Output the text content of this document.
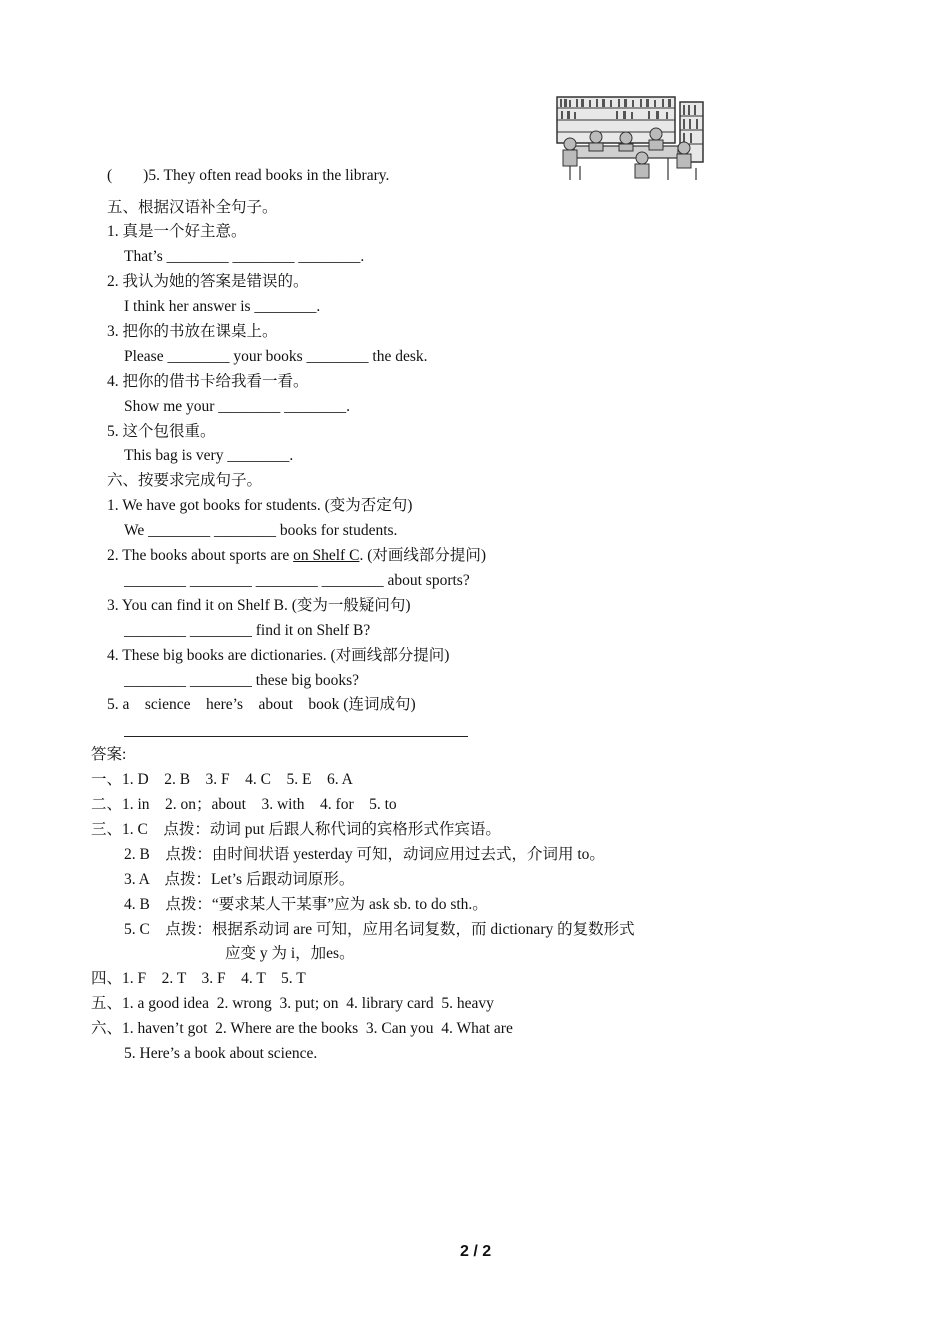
(        )5. They often read books in the library.
五、根据汉语补全句子。
1. 真是一个好主意。
That’s ________ ________ ________.
2. 我认为她的答案是错误的。
I think her answer is ________.
3. 把你的书放在课桌上。
Please ________ your books ________ the desk.
4. 把你的借书卡给我看一看。
Show me your ________ ________.
5. 这个包很重。
This bag is very ________.
六、按要求完成句子。
1. We have got books for students. (变为否定句)
We ________ ________ books for students.
2. The books about sports are on Shelf C. (对画线部分提问)
________ ________ ________ ________ about sports?
3. You can find it on Shelf B. (变为一般疑问句)
________ ________ find it on Shelf B?
4. These big books are dictionaries. (对画线部分提问)
________ ________ these big books?
5. a    science    here’s    about    book (连词成句)
答案:
一、1. D    2. B    3. F    4. C    5. E    6. A
二、1. in    2. on；about    3. with    4. for    5. to
三、1. C    点拨：动词 put 后跟人称代词的宾格形式作宾语。
2. B    点拨：由时间状语 yesterday 可知，动词应用过去式，介词用 to。
3. A    点拨：Let’s 后跟动词原形。
4. B    点拨：“要求某人干某事”应为 ask sb. to do sth.。
5. C    点拨：根据系动词 are 可知，应用名词复数，而 dictionary 的复数形式
应变 y 为 i，加es。
四、1. F    2. T    3. F    4. T    5. T
五、1. a good idea  2. wrong  3. put; on  4. library card  5. heavy
六、1. haven’t got  2. Where are the books  3. Can you  4. What are
5. Here’s a book about science.
2 / 2
